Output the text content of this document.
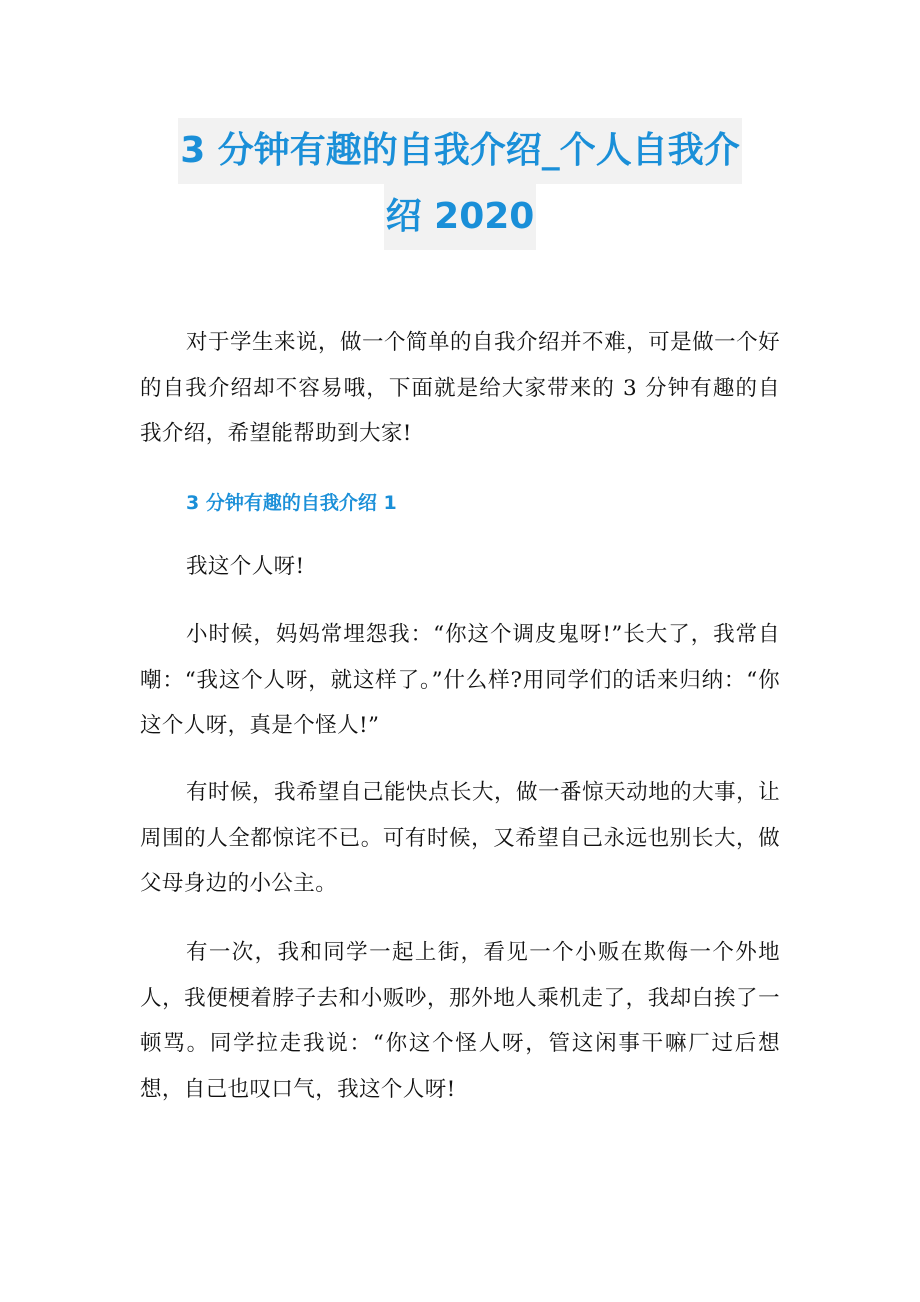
3 分钟有趣的自我介绍_个人自我介
绍 2020

对于学生来说，做一个简单的自我介绍并不难，可是做一个好的自我介绍却不容易哦，下面就是给大家带来的 3 分钟有趣的自我介绍，希望能帮助到大家!

3 分钟有趣的自我介绍 1

我这个人呀!

小时候，妈妈常埋怨我：“你这个调皮鬼呀!”长大了，我常自嘲：“我这个人呀，就这样了。”什么样?用同学们的话来归纳：“你这个人呀，真是个怪人!”

有时候，我希望自己能快点长大，做一番惊天动地的大事，让周围的人全都惊诧不已。可有时候，又希望自己永远也别长大，做父母身边的小公主。

有一次，我和同学一起上街，看见一个小贩在欺侮一个外地人，我便梗着脖子去和小贩吵，那外地人乘机走了，我却白挨了一顿骂。同学拉走我说：“你这个怪人呀，管这闲事干嘛厂过后想想，自己也叹口气，我这个人呀!
